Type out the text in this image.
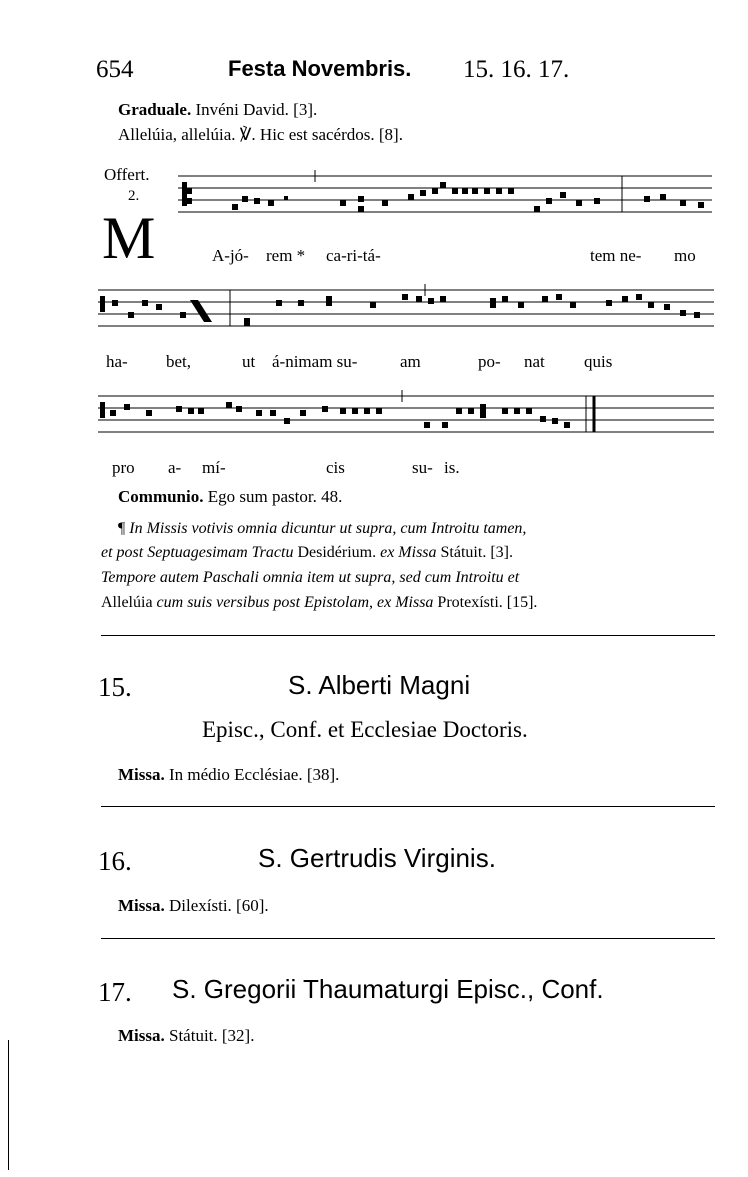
654	Festa Novembris. 15. 16. 17.
Graduale. Invéni David. [3].
Allelúia, allelúia. ℣. Hic est sacérdos. [8].
Offert.
2.
M	A-jó- rem * ca-ri-tá-	tem ne- mo
ha- bet,	ut á-nimam su-	am	po- nat quis
pro a- mí-	cis	su- is.
Communio. Ego sum pastor. 48.
¶ In Missis votivis omnia dicuntur ut supra, cum Introitu tamen,
et post Septuagesimam Tractu Desidérium. ex Missa Státuit. [3].
Tempore autem Paschali omnia item ut supra, sed cum Introitu et
Allelúia cum suis versibus post Epistolam, ex Missa Protexísti. [15].
15.	S. Alberti Magni
Episc., Conf. et Ecclesiae Doctoris.
Missa. In médio Ecclésiae. [38].
16.	S. Gertrudis Virginis.
Missa. Dilexísti. [60].
17. S. Gregorii Thaumaturgi Episc., Conf.
Missa. Státuit. [32].
